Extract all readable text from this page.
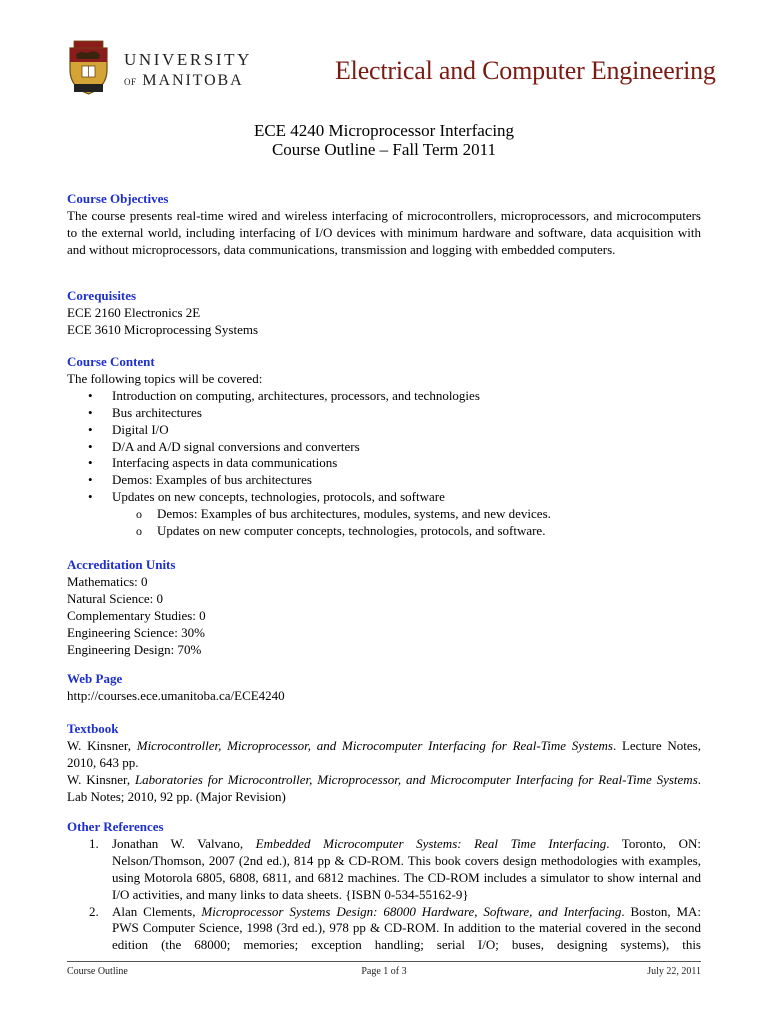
UNIVERSITY
OF MANITOBA	Electrical and Computer Engineering
ECE 4240 Microprocessor Interfacing
Course Outline – Fall Term 2011
Course Objectives
The course presents real-time wired and wireless interfacing of microcontrollers, microprocessors, and microcomputers to the external world, including interfacing of I/O devices with minimum hardware and software, data acquisition with and without microprocessors, data communications, transmission and logging with embedded computers.
Corequisites
ECE 2160 Electronics 2E
ECE 3610 Microprocessing Systems
Course Content
The following topics will be covered:
• Introduction on computing, architectures, processors, and technologies
• Bus architectures
• Digital I/O
• D/A and A/D signal conversions and converters
• Interfacing aspects in data communications
• Demos: Examples of bus architectures
• Updates on new concepts, technologies, protocols, and software
o Demos: Examples of bus architectures, modules, systems, and new devices.
o Updates on new computer concepts, technologies, protocols, and software.
Accreditation Units
Mathematics: 0
Natural Science: 0
Complementary Studies: 0
Engineering Science: 30%
Engineering Design: 70%
Web Page
http://courses.ece.umanitoba.ca/ECE4240
Textbook
W. Kinsner, Microcontroller, Microprocessor, and Microcomputer Interfacing for Real-Time Systems. Lecture Notes, 2010, 643 pp.
W. Kinsner, Laboratories for Microcontroller, Microprocessor, and Microcomputer Interfacing for Real-Time Systems. Lab Notes; 2010, 92 pp. (Major Revision)
Other References
1. Jonathan W. Valvano, Embedded Microcomputer Systems: Real Time Interfacing. Toronto, ON: Nelson/Thomson, 2007 (2nd ed.), 814 pp & CD-ROM. This book covers design methodologies with examples, using Motorola 6805, 6808, 6811, and 6812 machines. The CD-ROM includes a simulator to show internal and I/O activities, and many links to data sheets. {ISBN 0-534-55162-9}
2. Alan Clements, Microprocessor Systems Design: 68000 Hardware, Software, and Interfacing. Boston, MA: PWS Computer Science, 1998 (3rd ed.), 978 pp & CD-ROM. In addition to the material covered in the second edition (the 68000; memories; exception handling; serial I/O; buses, designing systems), this
Course Outline	Page 1 of 3	July 22, 2011
